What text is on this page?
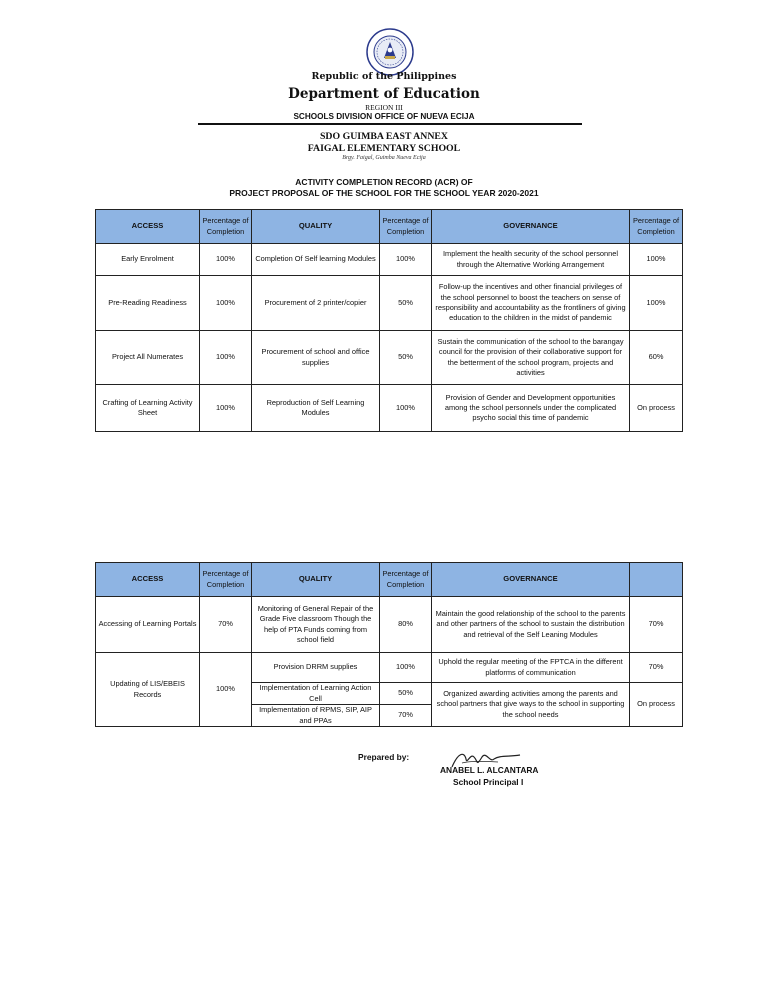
Republic of the Philippines
Department of Education
REGION III
SCHOOLS DIVISION OFFICE OF NUEVA ECIJA
SDO GUIMBA EAST ANNEX
FAIGAL ELEMENTARY SCHOOL
Brgy. Faigal, Guimba Nueva Ecija
ACTIVITY COMPLETION RECORD (ACR) OF
PROJECT PROPOSAL OF THE SCHOOL FOR THE SCHOOL YEAR 2020-2021
ACCESS	Percentage of Completion	QUALITY	Percentage of Completion	GOVERNANCE	Percentage of Completion
Early Enrolment	100%	Completion Of Self learning Modules	100%	Implement the health security of the school personnel through the Alternative Working Arrangement	100%
Pre-Reading Readiness	100%	Procurement of 2 printer/copier	50%	Follow-up the incentives and other financial privileges of the school personnel to boost the teachers on sense of responsibility and accountability as the frontliners of giving education to the children in the midst of pandemic	100%
Project All Numerates	100%	Procurement of school and office supplies	50%	Sustain the communication of the school to the barangay council for the provision of their collaborative support for the betterment of the school program, projects and activities	60%
Crafting of Learning Activity Sheet	100%	Reproduction of Self Learning Modules	100%	Provision of Gender and Development opportunities among the school personnels under the complicated psycho social this time of pandemic	On process
ACCESS	Percentage of Completion	QUALITY	Percentage of Completion	GOVERNANCE	
Accessing of Learning Portals	70%	Monitoring of General Repair of the Grade Five classroom Though the help of PTA Funds coming from school field	80%	Maintain the good relationship of the school to the parents and other partners of the school to sustain the distribution and retrieval of the Self Leaning Modules	70%
Updating of LIS/EBEIS Records	100%	Provision DRRM supplies	100%	Uphold the regular meeting of the FPTCA in the different platforms of communication	70%
		Implementation of Learning Action Cell	50%	Organized awarding activities among the parents and school partners that give ways to the school in supporting the school needs	On process
		Implementation of RPMS, SIP, AIP and PPAs	70%		
Prepared by:
ANABEL L. ALCANTARA
School Principal I
